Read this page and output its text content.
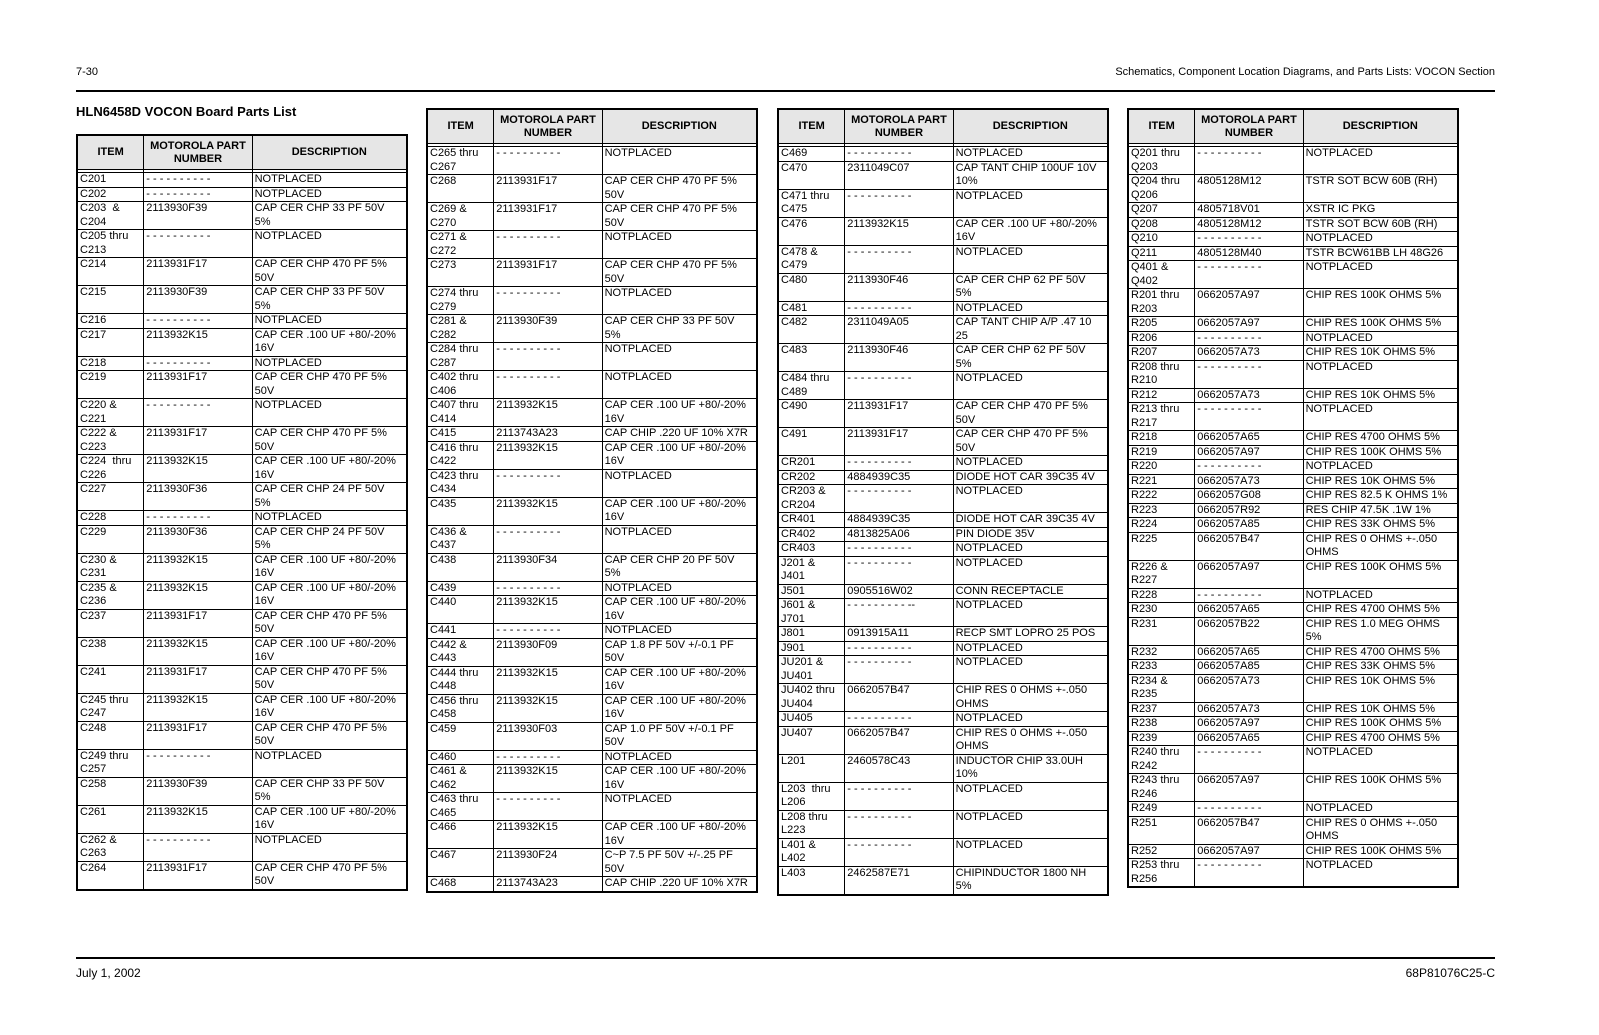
7-30	Schematics, Component Location Diagrams, and Parts Lists: VOCON Section
HLN6458D VOCON Board Parts List
ITEM	MOTOROLA PART NUMBER	DESCRIPTION

C201	- - - - - - - - - -	NOTPLACED
C202	- - - - - - - - - -	NOTPLACED
C203  &
C204	2113930F39	CAP CER CHP 33 PF 50V
5%
C205 thru
C213	- - - - - - - - - -	NOTPLACED
C214	2113931F17	CAP CER CHP 470 PF 5%
50V
C215	2113930F39	CAP CER CHP 33 PF 50V
5%
C216	- - - - - - - - - -	NOTPLACED
C217	2113932K15	CAP CER .100 UF +80/-20%
16V
C218	- - - - - - - - - -	NOTPLACED
C219	2113931F17	CAP CER CHP 470 PF 5%
50V
C220 &
C221	- - - - - - - - - -	NOTPLACED
C222 &
C223	2113931F17	CAP CER CHP 470 PF 5%
50V
C224  thru
C226	2113932K15	CAP CER .100 UF +80/-20%
16V
C227	2113930F36	CAP CER CHP 24 PF 50V
5%
C228	- - - - - - - - - -	NOTPLACED
C229	2113930F36	CAP CER CHP 24 PF 50V
5%
C230 &
C231	2113932K15	CAP CER .100 UF +80/-20%
16V
C235 &
C236	2113932K15	CAP CER .100 UF +80/-20%
16V
C237	2113931F17	CAP CER CHP 470 PF 5%
50V
C238	2113932K15	CAP CER .100 UF +80/-20%
16V
C241	2113931F17	CAP CER CHP 470 PF 5%
50V
C245 thru
C247	2113932K15	CAP CER .100 UF +80/-20%
16V
C248	2113931F17	CAP CER CHP 470 PF 5%
50V
C249 thru
C257	- - - - - - - - - -	NOTPLACED
C258	2113930F39	CAP CER CHP 33 PF 50V
5%
C261	2113932K15	CAP CER .100 UF +80/-20%
16V
C262 &
C263	- - - - - - - - - -	NOTPLACED
C264	2113931F17	CAP CER CHP 470 PF 5%
50V
ITEM	MOTOROLA PART NUMBER	DESCRIPTION

C265 thru
C267	- - - - - - - - - -	NOTPLACED
C268	2113931F17	CAP CER CHP 470 PF 5%
50V
C269 &
C270	2113931F17	CAP CER CHP 470 PF 5%
50V
C271 &
C272	- - - - - - - - - -	NOTPLACED
C273	2113931F17	CAP CER CHP 470 PF 5%
50V
C274 thru
C279	- - - - - - - - - -	NOTPLACED
C281 &
C282	2113930F39	CAP CER CHP 33 PF 50V
5%
C284 thru
C287	- - - - - - - - - -	NOTPLACED
C402 thru
C406	- - - - - - - - - -	NOTPLACED
C407 thru
C414	2113932K15	CAP CER .100 UF +80/-20%
16V
C415	2113743A23	CAP CHIP .220 UF 10% X7R
C416 thru
C422	2113932K15	CAP CER .100 UF +80/-20%
16V
C423 thru
C434	- - - - - - - - - -	NOTPLACED
C435	2113932K15	CAP CER .100 UF +80/-20%
16V
C436 &
C437	- - - - - - - - - -	NOTPLACED
C438	2113930F34	CAP CER CHP 20 PF 50V
5%
C439	- - - - - - - - - -	NOTPLACED
C440	2113932K15	CAP CER .100 UF +80/-20%
16V
C441	- - - - - - - - - -	NOTPLACED
C442 &
C443	2113930F09	CAP 1.8 PF 50V +/-0.1 PF
50V
C444 thru
C448	2113932K15	CAP CER .100 UF +80/-20%
16V
C456 thru
C458	2113932K15	CAP CER .100 UF +80/-20%
16V
C459	2113930F03	CAP 1.0 PF 50V +/-0.1 PF
50V
C460	- - - - - - - - - -	NOTPLACED
C461 &
C462	2113932K15	CAP CER .100 UF +80/-20%
16V
C463 thru
C465	- - - - - - - - - -	NOTPLACED
C466	2113932K15	CAP CER .100 UF +80/-20%
16V
C467	2113930F24	C~P 7.5 PF 50V +/-.25 PF
50V
C468	2113743A23	CAP CHIP .220 UF 10% X7R
ITEM	MOTOROLA PART NUMBER	DESCRIPTION

C469	- - - - - - - - - -	NOTPLACED
C470	2311049C07	CAP TANT CHIP 100UF 10V
10%
C471 thru
C475	- - - - - - - - - -	NOTPLACED
C476	2113932K15	CAP CER .100 UF +80/-20%
16V
C478 &
C479	- - - - - - - - - -	NOTPLACED
C480	2113930F46	CAP CER CHP 62 PF 50V
5%
C481	- - - - - - - - - -	NOTPLACED
C482	2311049A05	CAP TANT CHIP A/P .47 10
25
C483	2113930F46	CAP CER CHP 62 PF 50V
5%
C484 thru
C489	- - - - - - - - - -	NOTPLACED
C490	2113931F17	CAP CER CHP 470 PF 5%
50V
C491	2113931F17	CAP CER CHP 470 PF 5%
50V
CR201	- - - - - - - - - -	NOTPLACED
CR202	4884939C35	DIODE HOT CAR 39C35 4V
CR203 &
CR204	- - - - - - - - - -	NOTPLACED
CR401	4884939C35	DIODE HOT CAR 39C35 4V
CR402	4813825A06	PIN DIODE 35V
CR403	- - - - - - - - - -	NOTPLACED
J201 &
J401	- - - - - - - - - -	NOTPLACED
J501	0905516W02	CONN RECEPTACLE
J601 &
J701	- - - - - - - - - --	NOTPLACED
J801	0913915A11	RECP SMT LOPRO 25 POS
J901	- - - - - - - - - -	NOTPLACED
JU201 &
JU401	- - - - - - - - - -	NOTPLACED
JU402 thru
JU404	0662057B47	CHIP RES 0 OHMS +-.050
OHMS
JU405	- - - - - - - - - -	NOTPLACED
JU407	0662057B47	CHIP RES 0 OHMS +-.050
OHMS
L201	2460578C43	INDUCTOR CHIP 33.0UH
10%
L203  thru
L206	- - - - - - - - - -	NOTPLACED
L208 thru
L223	- - - - - - - - - -	NOTPLACED
L401 &
L402	- - - - - - - - - -	NOTPLACED
L403	2462587E71	CHIPINDUCTOR 1800 NH
5%
ITEM	MOTOROLA PART NUMBER	DESCRIPTION

Q201 thru
Q203	- - - - - - - - - -	NOTPLACED
Q204 thru
Q206	4805128M12	TSTR SOT BCW 60B (RH)
Q207	4805718V01	XSTR IC PKG
Q208	4805128M12	TSTR SOT BCW 60B (RH)
Q210	- - - - - - - - - -	NOTPLACED
Q211	4805128M40	TSTR BCW61BB LH 48G26
Q401 &
Q402	- - - - - - - - - -	NOTPLACED
R201 thru
R203	0662057A97	CHIP RES 100K OHMS 5%
R205	0662057A97	CHIP RES 100K OHMS 5%
R206	- - - - - - - - - -	NOTPLACED
R207	0662057A73	CHIP RES 10K OHMS 5%
R208 thru
R210	- - - - - - - - - -	NOTPLACED
R212	0662057A73	CHIP RES 10K OHMS 5%
R213 thru
R217	- - - - - - - - - -	NOTPLACED
R218	0662057A65	CHIP RES 4700 OHMS 5%
R219	0662057A97	CHIP RES 100K OHMS 5%
R220	- - - - - - - - - -	NOTPLACED
R221	0662057A73	CHIP RES 10K OHMS 5%
R222	0662057G08	CHIP RES 82.5 K OHMS 1%
R223	0662057R92	RES CHIP 47.5K .1W 1%
R224	0662057A85	CHIP RES 33K OHMS 5%
R225	0662057B47	CHIP RES 0 OHMS +-.050
OHMS
R226 &
R227	0662057A97	CHIP RES 100K OHMS 5%
R228	- - - - - - - - - -	NOTPLACED
R230	0662057A65	CHIP RES 4700 OHMS 5%
R231	0662057B22	CHIP RES 1.0 MEG OHMS
5%
R232	0662057A65	CHIP RES 4700 OHMS 5%
R233	0662057A85	CHIP RES 33K OHMS 5%
R234 &
R235	0662057A73	CHIP RES 10K OHMS 5%
R237	0662057A73	CHIP RES 10K OHMS 5%
R238	0662057A97	CHIP RES 100K OHMS 5%
R239	0662057A65	CHIP RES 4700 OHMS 5%
R240 thru
R242	- - - - - - - - - -	NOTPLACED
R243 thru
R246	0662057A97	CHIP RES 100K OHMS 5%
R249	- - - - - - - - - -	NOTPLACED
R251	0662057B47	CHIP RES 0 OHMS +-.050
OHMS
R252	0662057A97	CHIP RES 100K OHMS 5%
R253 thru
R256	- - - - - - - - - -	NOTPLACED
July 1, 2002	68P81076C25-C
